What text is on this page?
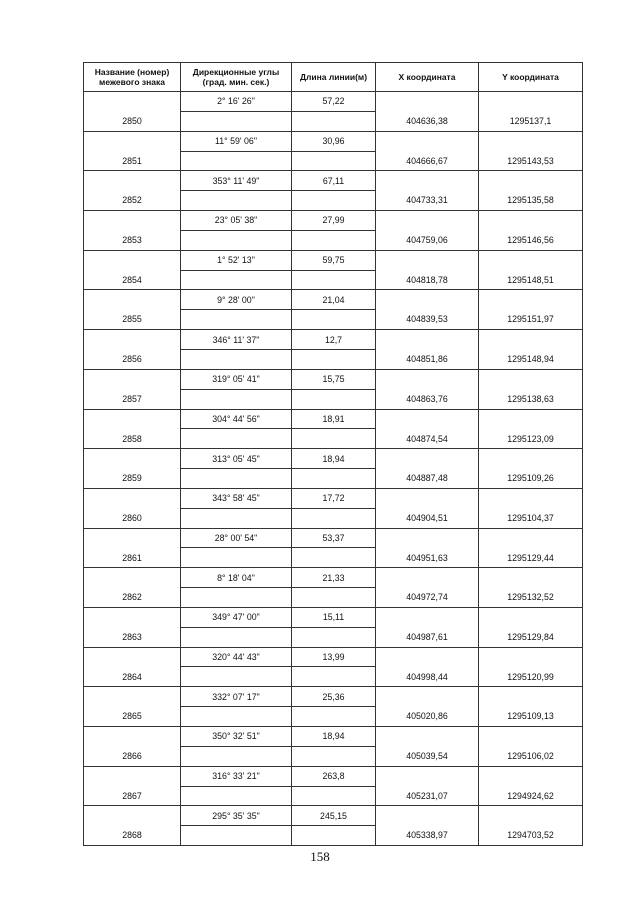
Название (номер) межевого знака	Дирекционные углы (град. мин. сек.)	Длина линии(м)	X координата	Y координата
	2° 16' 26"	57,22		
2850			404636,38	1295137,1
	11° 59' 06"	30,96		
2851			404666,67	1295143,53
	353° 11' 49"	67,11		
2852			404733,31	1295135,58
	23° 05' 38"	27,99		
2853			404759,06	1295146,56
	1° 52' 13"	59,75		
2854			404818,78	1295148,51
	9° 28' 00"	21,04		
2855			404839,53	1295151,97
	346° 11' 37"	12,7		
2856			404851,86	1295148,94
	319° 05' 41"	15,75		
2857			404863,76	1295138,63
	304° 44' 56"	18,91		
2858			404874,54	1295123,09
	313° 05' 45"	18,94		
2859			404887,48	1295109,26
	343° 58' 45"	17,72		
2860			404904,51	1295104,37
	28° 00' 54"	53,37		
2861			404951,63	1295129,44
	8° 18' 04"	21,33		
2862			404972,74	1295132,52
	349° 47' 00"	15,11		
2863			404987,61	1295129,84
	320° 44' 43"	13,99		
2864			404998,44	1295120,99
	332° 07' 17"	25,36		
2865			405020,86	1295109,13
	350° 32' 51"	18,94		
2866			405039,54	1295106,02
	316° 33' 21"	263,8		
2867			405231,07	1294924,62
	295° 35' 35"	245,15		
2868			405338,97	1294703,52
158
